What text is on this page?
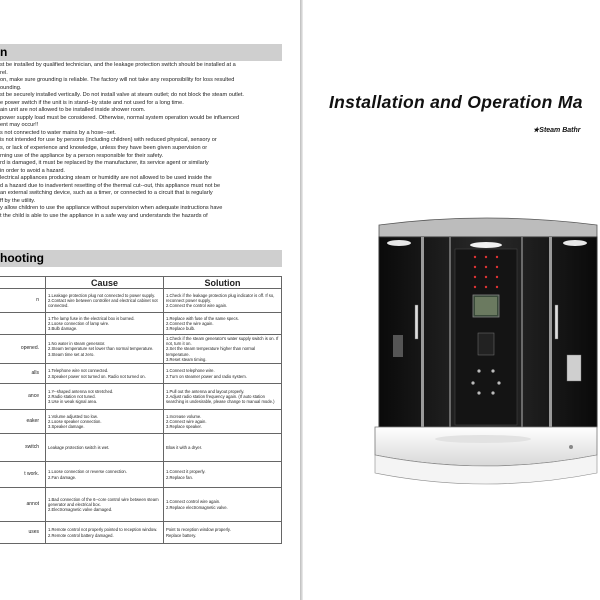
n
st be installed by qualified technician, and the leakage protection switch should be installed at a
rel.
on, make sure grounding is reliable. The factory will not take any responsibility for loss resulted
ounding.
st be securely installed vertically. Do not install valve at steam outlet; do not block the steam outlet.
e power switch if the unit is in stand--by state and not used for a long time.
ain unit are not allowed to be installed inside shower room.
power supply load must be considered. Otherwise, normal system operation would be influenced
ent may occur!!
s not connected to water mains by a hose--set.
is not intended for use by persons (including children) with reduced physical, sensory or
s, or lack of experience and knowledge, unless they have been given supervision or
rning use of the appliance by a person responsible for their safety.
rd is damaged, it must be replaced by the manufacturer, its service agent or similarly
in order to avoid a hazard.
lectrical appliances producing steam or humidity are not allowed to be used inside the
d a hazard due to inadvertent resetting of the thermal cut--out, this appliance must not be
an external switching device, such as a timer, or connected to a circuit that is regularly
ff by the utility.
y allow children to use the appliance without supervision when adequate instructions have
t the child is able to use the appliance in a safe way and understands the hazards of
hooting
	Cause	Solution
n	1.Leakage protection plug not connected to power supply.
2.Contact wire between controller and electrical cabinet not connected.	1.Check if the leakage protection plug indicator is off. If so, reconnect power supply.
2.Connect the control wire again.
	1.The lamp fuse in the electrical box is burned.
2.Loose connection of lamp wire.
3.Bulb damage.	1.Replace with fuse of the same specs.
2.Connect the wire again.
3.Replace bulb.
opened.	1.No water in steam generator.
2.Steam temperature set lower than normal temperature.
3.Steam time set at zero.	1.Check if the steam generator's water supply switch is on. If not, turn it on.
2.Set the steam temperature higher than normal temperature.
3.Reset steam timing.
alls	1.Telephone wire not connected.
2.Speaker power not turned on. Radio not turned on.	1.Connect telephone wire.
2.Turn on steamer power and radio system.
ance	1.Y--shaped antenna not stretched.
2.Radio station not tuned.
3.Use in weak signal area.	1.Pull out the antenna and layout properly.
2.Adjust radio station frequency again. (If auto station searching is undesirable, please change to manual mode.)
eaker	1.Volume adjusted too low.
2.Loose speaker connection.
3.Speaker damage.	1.Increase volume.
2.Connect wire again.
3.Replace speaker.
switch	Leakage protection switch is wet.	Blow it with a dryer.
t work.	1.Loose connection or reverse connection.
2.Fan damage.	1.Connect it properly.
2.Replace fan.
annot	1.Bad connection of the 6--core control wire between steam generator and electrical box.
2.Electromagnetic valve damaged.	1.Connect control wire again.
2.Replace electromagnetic valve.
uses	1.Remote control not properly pointed to reception window.
2.Remote control battery damaged.	Point to reception window properly.
Replace battery.
Installation and Operation Ma
★Steam Bathr
